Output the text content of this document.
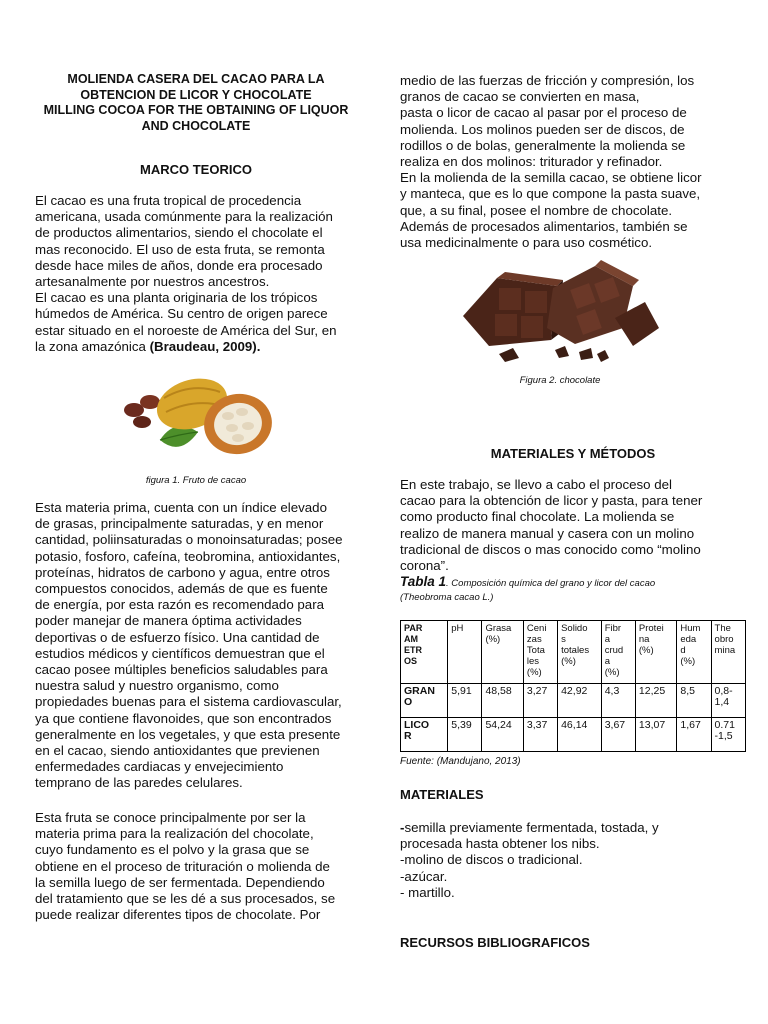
MOLIENDA CASERA DEL CACAO PARA LA
OBTENCION DE LICOR Y CHOCOLATE
MILLING COCOA FOR THE OBTAINING OF LIQUOR
AND CHOCOLATE
MARCO TEORICO
El cacao es una fruta tropical de procedencia
americana, usada comúnmente para la realización
de productos alimentarios, siendo el chocolate el
mas reconocido. El uso de esta fruta, se remonta
desde hace miles de años, donde era procesado
artesanalmente por nuestros ancestros.
El cacao es una planta originaria de los trópicos
húmedos de América. Su centro de origen parece
estar situado en el noroeste de América del Sur, en
la zona amazónica (Braudeau, 2009).
figura 1. Fruto de cacao
Esta materia prima, cuenta con un índice elevado
de grasas, principalmente saturadas, y en menor
cantidad, poliinsaturadas o monoinsaturadas; posee
potasio, fosforo, cafeína, teobromina, antioxidantes,
proteínas, hidratos de carbono y agua, entre otros
compuestos conocidos, además de que es fuente
de energía, por esta razón es recomendado para
poder manejar de manera óptima actividades
deportivas o de esfuerzo físico. Una cantidad de
estudios médicos y científicos demuestran que el
cacao posee múltiples beneficios saludables para
nuestra salud y nuestro organismo, como
propiedades buenas para el sistema cardiovascular,
ya que contiene flavonoides, que son encontrados
generalmente en los vegetales, y que esta presente
en el cacao, siendo antioxidantes que previenen
enfermedades cardiacas y envejecimiento
temprano de las paredes celulares.
Esta fruta se conoce principalmente por ser la
materia prima para la realización del chocolate,
cuyo fundamento es el polvo y la grasa que se
obtiene en el proceso de trituración o molienda de
la semilla luego de ser fermentada. Dependiendo
del tratamiento que se les dé a sus procesados, se
puede realizar diferentes tipos de chocolate. Por
medio de las fuerzas de fricción y compresión, los
granos de cacao se convierten en masa,
pasta o licor de cacao al pasar por el proceso de
molienda. Los molinos pueden ser de discos, de
rodillos o de bolas, generalmente la molienda se
realiza en dos molinos: triturador y refinador.
En la molienda de la semilla cacao, se obtiene licor
y manteca, que es lo que compone la pasta suave,
que, a su final, posee el nombre de chocolate.
Además de procesados alimentarios, también se
usa medicinalmente o para uso cosmético.
Figura 2. chocolate
MATERIALES Y MÉTODOS
En este trabajo, se llevo a cabo el proceso del
cacao para la obtención de licor y pasta, para tener
como producto final chocolate. La molienda se
realizo de manera manual y casera con un molino
tradicional de discos o mas conocido como “molino
corona”.
Tabla 1. Composición química del grano y licor del cacao
(Theobroma cacao L.)
PAR
AM
ETR
OS	pH	Grasa
(%)	Ceni
zas
Tota
les
(%)	Solido
s
totales
(%)	Fibr
a
crud
a
(%)	Protei
na
(%)	Hum
eda
d
(%)	The
obro
mina
GRAN
O	5,91	48,58	3,27	42,92	4,3	12,25	8,5	0,8-
1,4
LICO
R	5,39	54,24	3,37	46,14	3,67	13,07	1,67	0.71
-1,5
Fuente: (Mandujano, 2013)
MATERIALES
-semilla previamente fermentada, tostada, y
procesada hasta obtener los nibs.
-molino de discos o tradicional.
-azúcar.
- martillo.
RECURSOS BIBLIOGRAFICOS
